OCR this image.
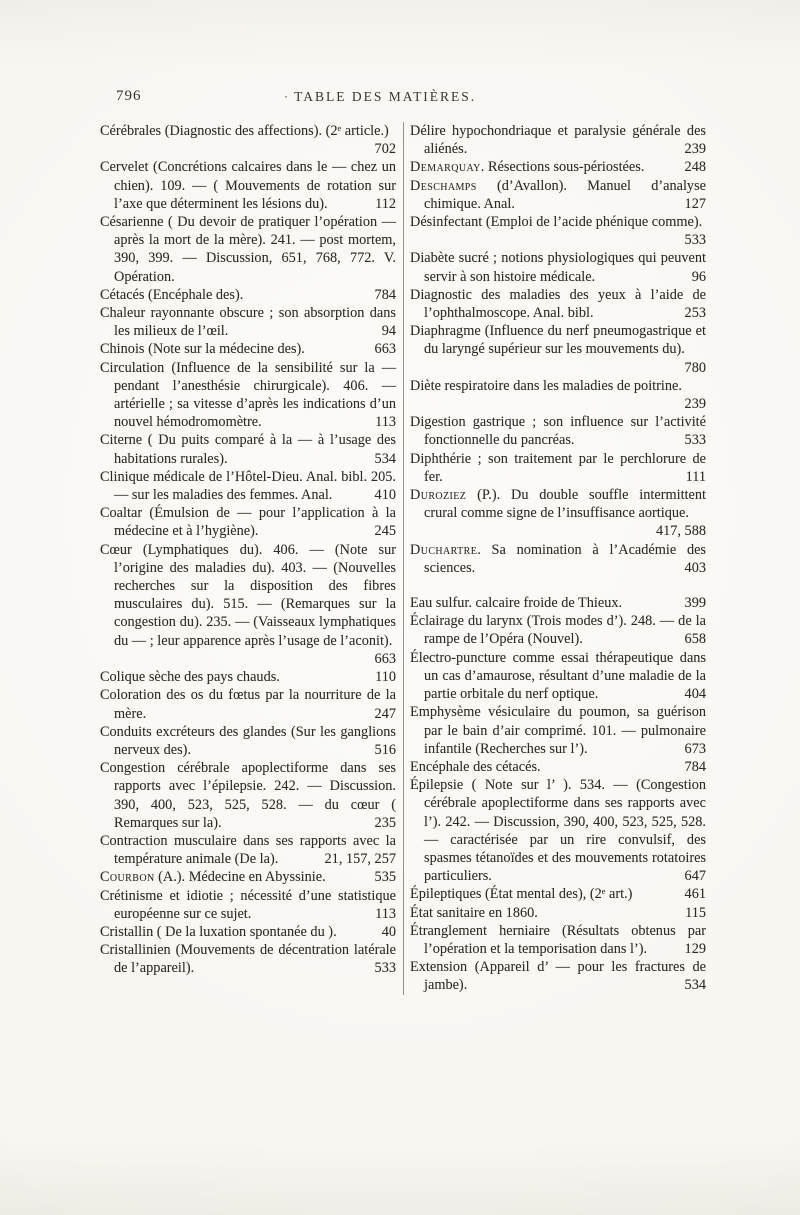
796	· TABLE DES MATIÈRES.
Cérébrales (Diagnostic des affections). (2ᵉ article.)
702
Cervelet (Concrétions calcaires dans le — chez un chien). 109. — ( Mouvements de rotation sur l’axe que déterminent les lésions du).	112
Césarienne ( Du devoir de pratiquer l’opération — après la mort de la mère). 241. — post mortem, 390, 399. — Discussion, 651, 768, 772. V. Opération.
Cétacés (Encéphale des).	784
Chaleur rayonnante obscure ; son absorption dans les milieux de l’œil.	94
Chinois (Note sur la médecine des).	663
Circulation (Influence de la sensibilité sur la — pendant l’anesthésie chirurgicale). 406. — artérielle ; sa vitesse d’après les indications d’un nouvel hémodromomètre.	113
Citerne ( Du puits comparé à la — à l’usage des habitations rurales).	534
Clinique médicale de l’Hôtel-Dieu. Anal. bibl. 205. — sur les maladies des femmes. Anal.	410
Coaltar (Émulsion de — pour l’application à la médecine et à l’hygiène).	245
Cœur (Lymphatiques du). 406. — (Note sur l’origine des maladies du). 403. — (Nouvelles recherches sur la disposition des fibres musculaires du). 515. — (Remarques sur la congestion du). 235. — (Vaisseaux lymphatiques du — ; leur apparence après l’usage de l’aconit).
663
Colique sèche des pays chauds.	110
Coloration des os du fœtus par la nourriture de la mère.	247
Conduits excréteurs des glandes (Sur les ganglions nerveux des).	516
Congestion cérébrale apoplectiforme dans ses rapports avec l’épilepsie. 242. — Discussion. 390, 400, 523, 525, 528. — du cœur ( Remarques sur la).	235
Contraction musculaire dans ses rapports avec la température animale (De la).	21, 157, 257
Courbon (A.). Médecine en Abyssinie.	535
Crétinisme et idiotie ; nécessité d’une statistique européenne sur ce sujet.	113
Cristallin ( De la luxation spontanée du ).	40
Cristallinien (Mouvements de décentration latérale de l’appareil).	533
Délire hypochondriaque et paralysie générale des aliénés.	239
Demarquay. Résections sous-périostées.	248
Deschamps (d’Avallon). Manuel d’analyse chimique. Anal.	127
Désinfectant (Emploi de l’acide phénique comme).
533
Diabète sucré ; notions physiologiques qui peuvent servir à son histoire médicale.	96
Diagnostic des maladies des yeux à l’aide de l’ophthalmoscope. Anal. bibl.	253
Diaphragme (Influence du nerf pneumogastrique et du laryngé supérieur sur les mouvements du).
780
Diète respiratoire dans les maladies de poitrine.
239
Digestion gastrique ; son influence sur l’activité fonctionnelle du pancréas.	533
Diphthérie ; son traitement par le perchlorure de fer.	111
Duroziez (P.). Du double souffle intermittent crural comme signe de l’insuffisance aortique.
417, 588
Duchartre. Sa nomination à l’Académie des sciences.	403
Eau sulfur. calcaire froide de Thieux.	399
Éclairage du larynx (Trois modes d’). 248. — de la rampe de l’Opéra (Nouvel).	658
Électro-puncture comme essai thérapeutique dans un cas d’amaurose, résultant d’une maladie de la partie orbitale du nerf optique.	404
Emphysème vésiculaire du poumon, sa guérison par le bain d’air comprimé. 101. — pulmonaire infantile (Recherches sur l’).	673
Encéphale des cétacés.	784
Épilepsie ( Note sur l’ ). 534. — (Congestion cérébrale apoplectiforme dans ses rapports avec l’). 242. — Discussion, 390, 400, 523, 525, 528. — caractérisée par un rire convulsif, des spasmes tétanoïdes et des mouvements rotatoires particuliers.	647
Épileptiques (État mental des), (2ᵉ art.)	461
État sanitaire en 1860.	115
Étranglement herniaire (Résultats obtenus par l’opération et la temporisation dans l’).	129
Extension (Appareil d’ — pour les fractures de jambe).	534
